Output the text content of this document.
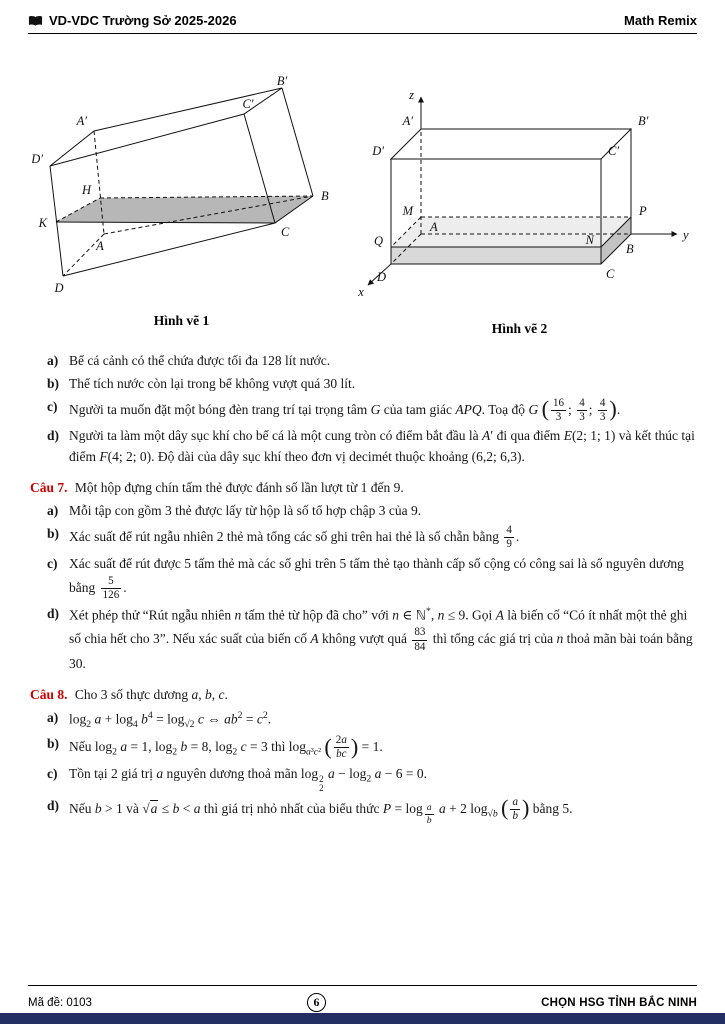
VD-VDC Trường Sở 2025-2026	Math Remix
B′
C′
A′
D′
H	B
K
C
A
D
Hình vẽ 1
z
A′	B′
D′	C′
M	P
A
Q	N
B
y
C
D
x
Hình vẽ 2
a) Bể cá cảnh có thể chứa được tối đa 128 lít nước.
b) Thể tích nước còn lại trong bể không vượt quá 30 lít.
c) Người ta muốn đặt một bóng đèn trang trí tại trọng tâm G của tam giác APQ. Toạ độ G ( $\frac{16}{3}$ ; $\frac{4}{3}$ ; $\frac{4}{3}$ ).
d) Người ta làm một dây sục khí cho bể cá là một cung tròn có điểm bắt đầu là A′ đi qua điểm E(2; 1; 1) và kết thúc tại điểm F(4; 2; 0). Độ dài của dây sục khí theo đơn vị decimét thuộc khoảng (6,2; 6,3).

Câu 7. Một hộp đựng chín tấm thẻ được đánh số lần lượt từ 1 đến 9.

a) Mỗi tập con gồm 3 thẻ được lấy từ hộp là số tổ hợp chập 3 của 9.
b) Xác suất để rút ngẫu nhiên 2 thẻ mà tổng các số ghi trên hai thẻ là số chẵn bằng $\frac{4}{9}$ .
c) Xác suất để rút được 5 tấm thẻ mà các số ghi trên 5 tấm thẻ tạo thành cấp số cộng có công sai là số nguyên dương bằng $\frac{5}{126}$ .
d) Xét phép thử “Rút ngẫu nhiên n tấm thẻ từ hộp đã cho” với n ∈ ℕ*, n ≤ 9. Gọi A là biến cố “Có ít nhất một thẻ ghi số chia hết cho 3”. Nếu xác suất của biến cố A không vượt quá $\frac{83}{84}$ thì tổng các giá trị của n thoả mãn bài toán bằng 30.

Câu 8. Cho 3 số thực dương a, b, c.

a) $\log_2 a + \log_4 b^4 = \log_{√2} c$ ⇔ $ab^2 = c^2$.
b) Nếu $\log_2 a = 1$, $\log_2 b = 8$, $\log_2 c = 3$ thì $\log_{a^3c^2}$ ( $\frac{2a}{bc}$ ) = 1.
c) Tồn tại 2 giá trị a nguyên dương thoả mãn log 2
2
$a - \log_2 a - 6 = 0$.
d) Nếu b > 1 và √a ≤ b < a thì giá trị nhỏ nhất của biểu thức P = log $_{\frac{a}{b}}$ a + 2 $\log_{√b}$ ( $\frac{a}{b}$ ) bằng 5.
Mã đề: 0103	6	CHỌN HSG TỈNH BẮC NINH
